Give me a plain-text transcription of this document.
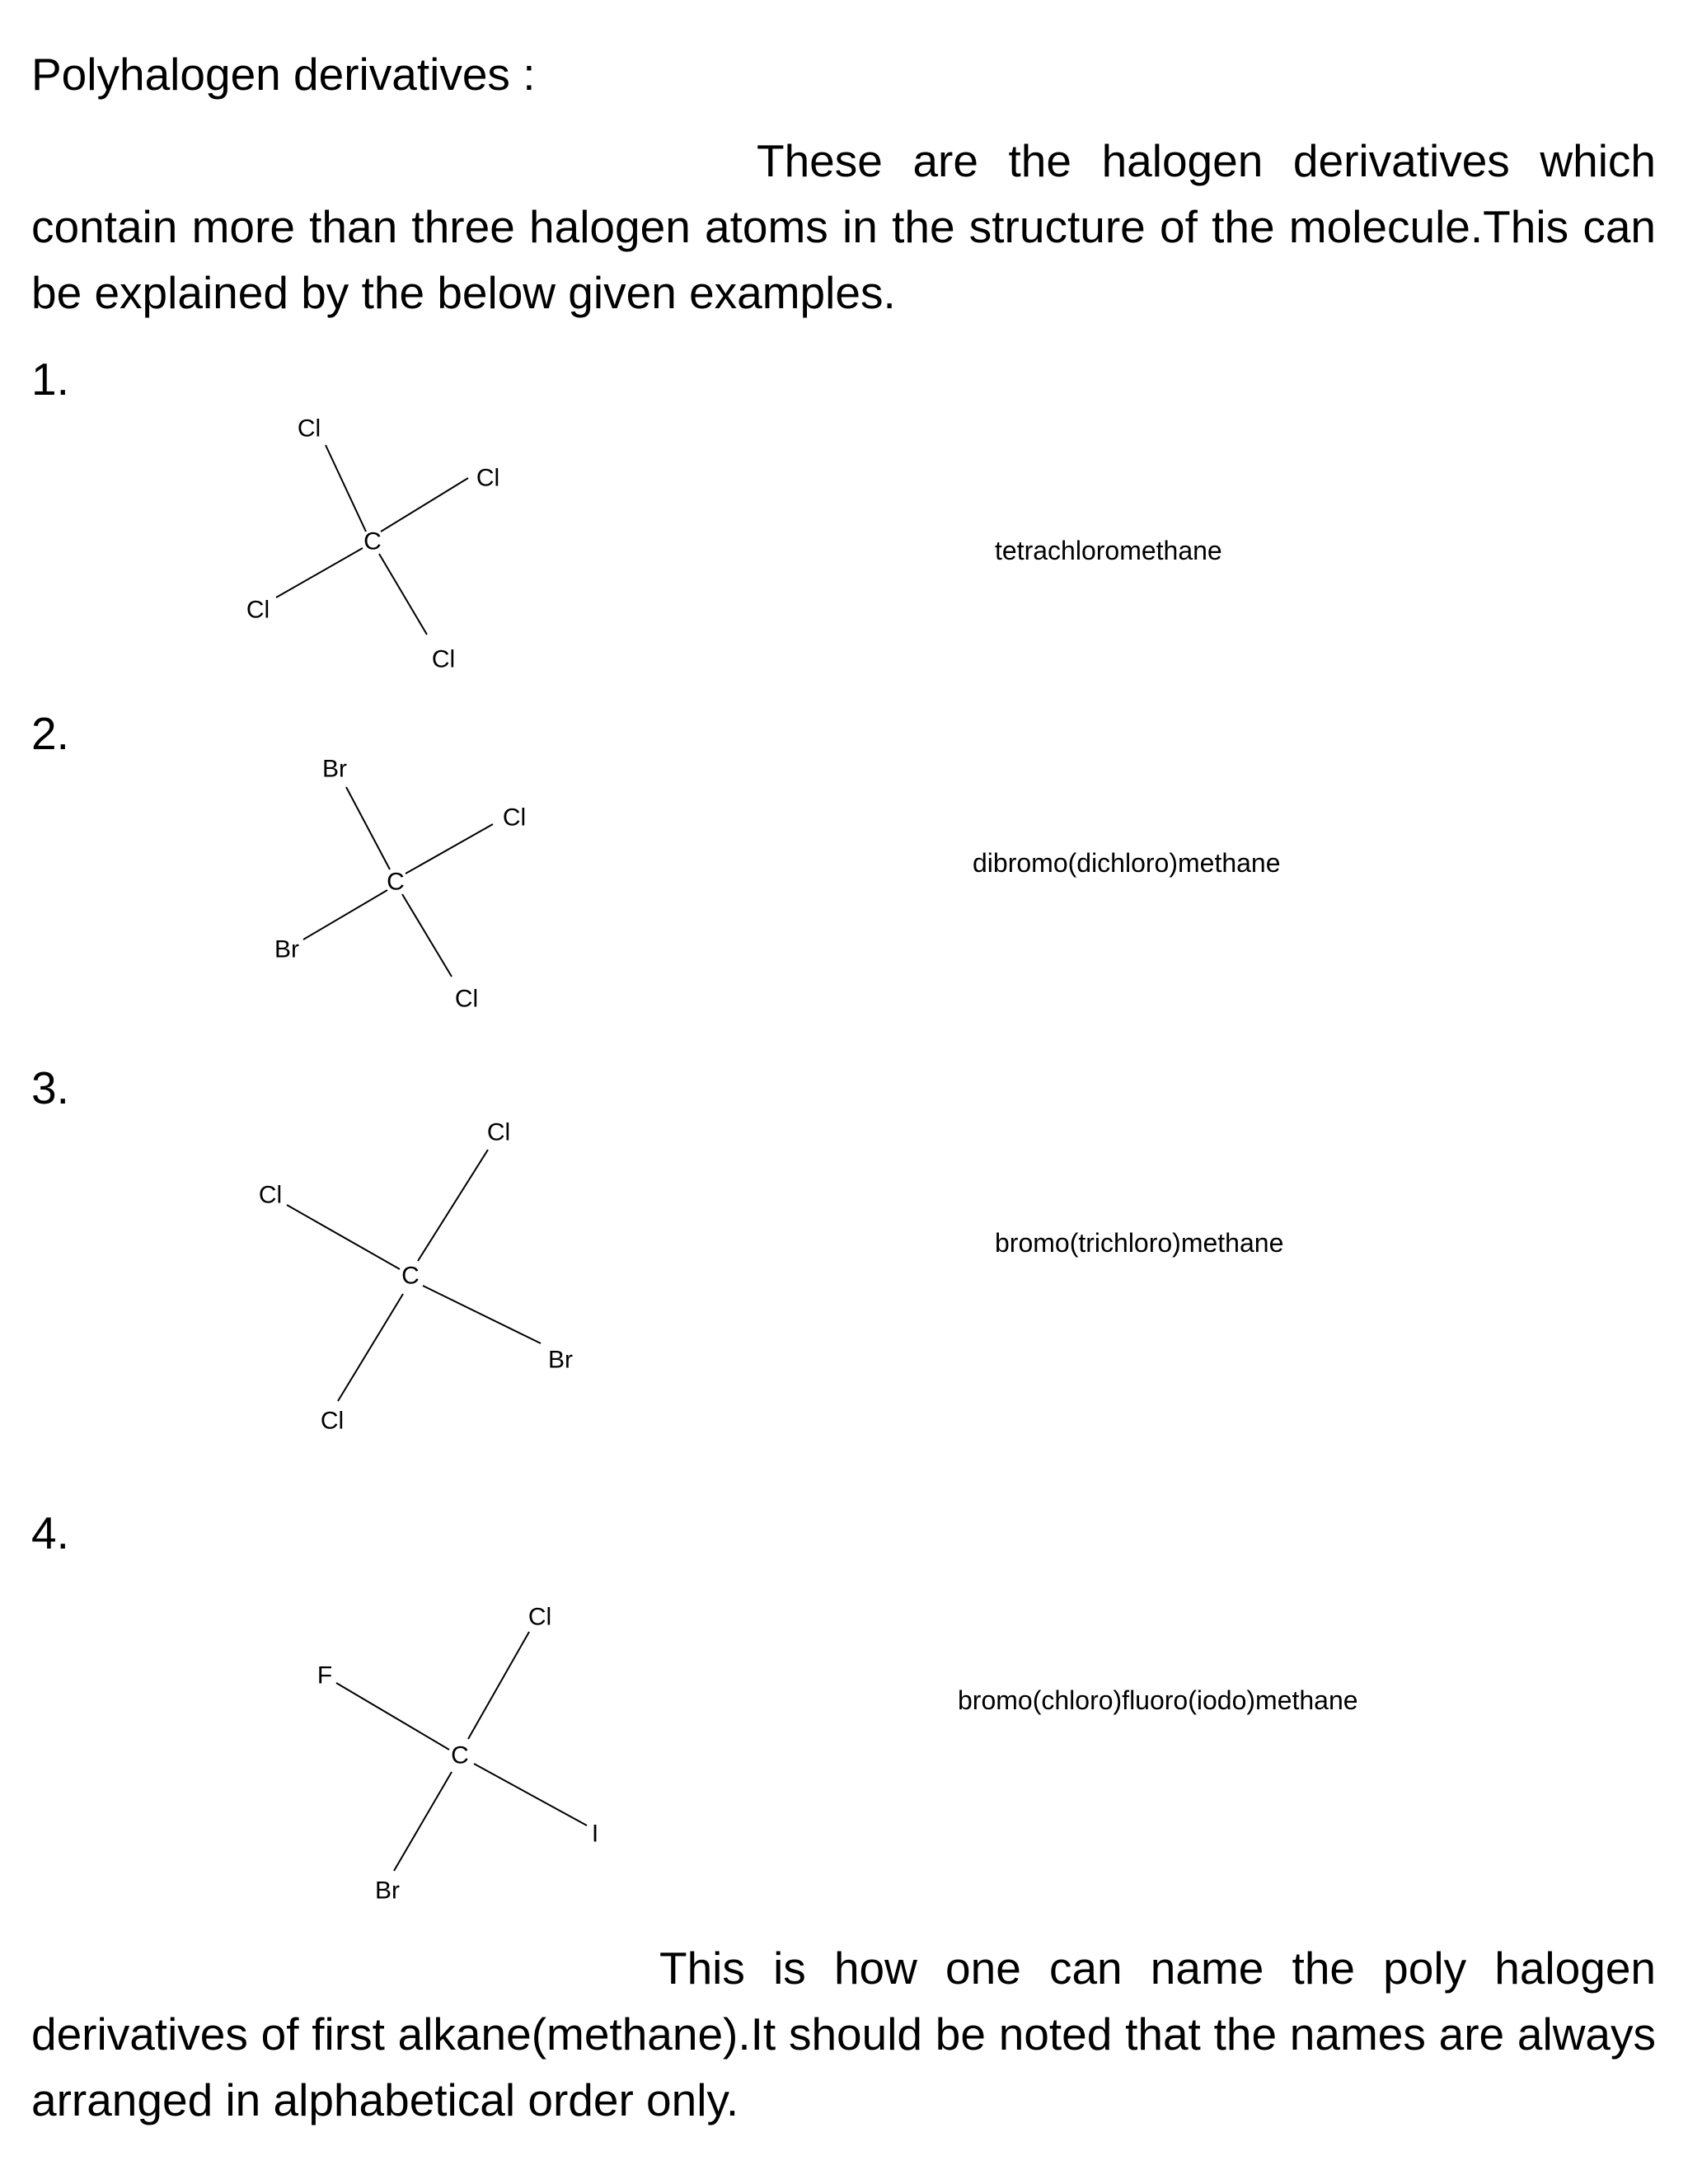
Polyhalogen derivatives :

These are the halogen derivatives which contain more than three halogen atoms in the structure of the molecule.This can be explained by the below given examples.

1.
C
Cl
Cl
Cl
Cl
tetrachloromethane
2.
C
Br
Cl
Br
Cl
dibromo(dichloro)methane
3.
C
Cl
Cl
Br
Cl
bromo(trichloro)methane
4.
C
Cl
F
I
Br
bromo(chloro)fluoro(iodo)methane

This is how one can name the poly halogen derivatives of first alkane(methane).It should be noted that the names are always arranged in alphabetical order only.
